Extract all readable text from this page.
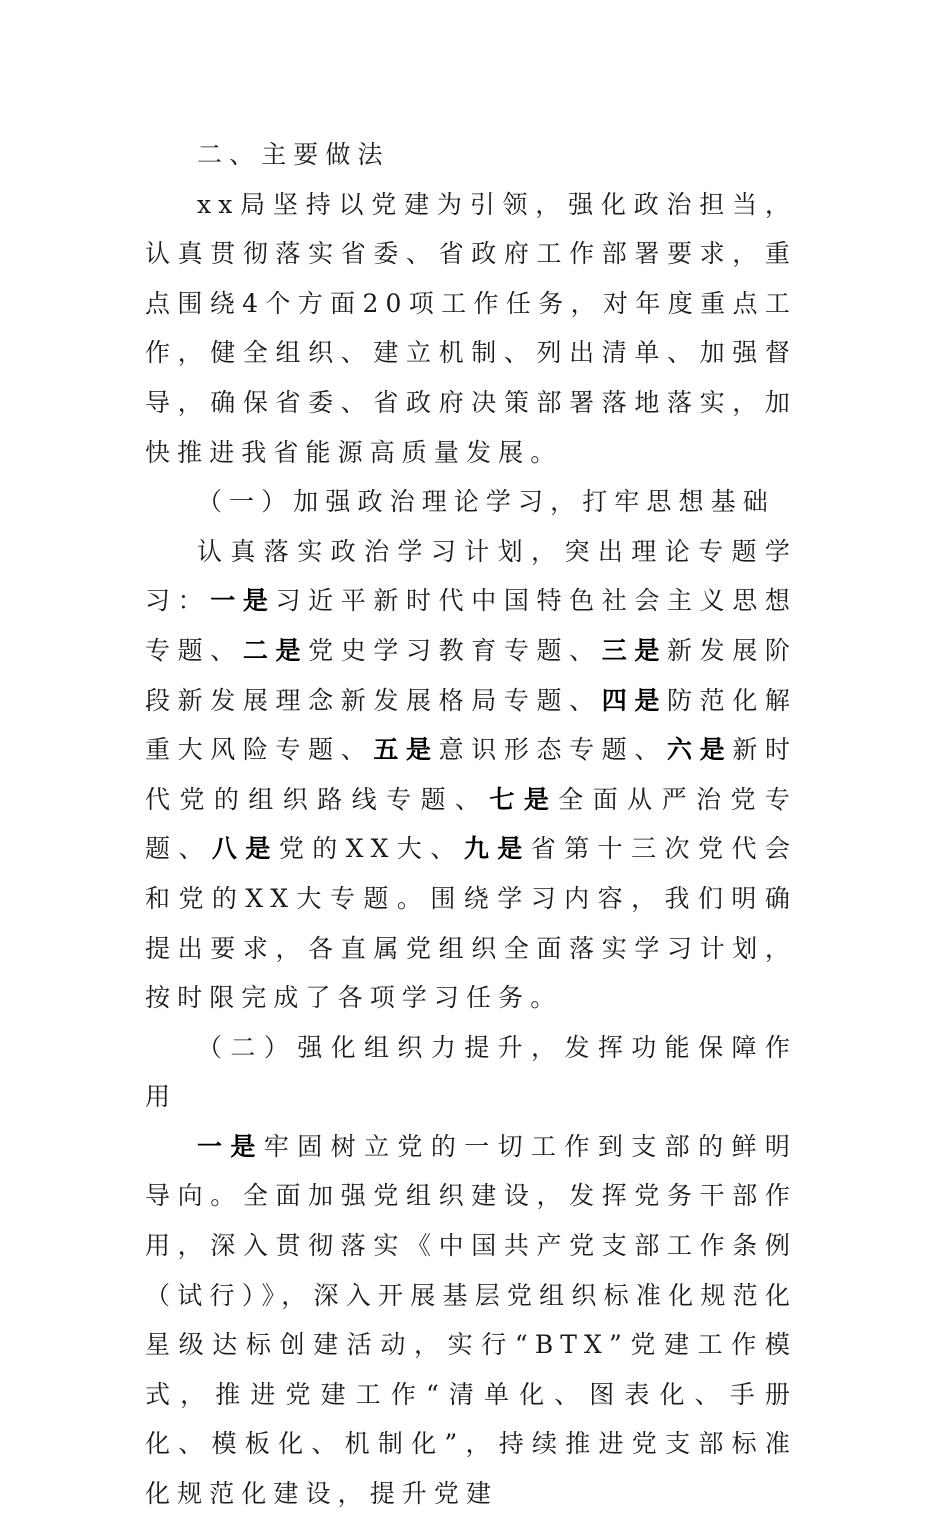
二、主要做法

xx局坚持以党建为引领，强化政治担当，认真贯彻落实省委、省政府工作部署要求，重点围绕4个方面20项工作任务，对年度重点工作，健全组织、建立机制、列出清单、加强督导，确保省委、省政府决策部署落地落实，加快推进我省能源高质量发展。

（一）加强政治理论学习，打牢思想基础

认真落实政治学习计划，突出理论专题学习：一是习近平新时代中国特色社会主义思想专题、二是党史学习教育专题、三是新发展阶段新发展理念新发展格局专题、四是防范化解重大风险专题、五是意识形态专题、六是新时代党的组织路线专题、七是全面从严治党专题、八是党的XX大、九是省第十三次党代会和党的XX大专题。围绕学习内容，我们明确提出要求，各直属党组织全面落实学习计划，按时限完成了各项学习任务。

（二）强化组织力提升，发挥功能保障作用

一是牢固树立党的一切工作到支部的鲜明导向。全面加强党组织建设，发挥党务干部作用，深入贯彻落实《中国共产党支部工作条例（试行）》，深入开展基层党组织标准化规范化星级达标创建活动，实行“BTX”党建工作模式，推进党建工作“清单化、图表化、手册化、模板化、机制化”，持续推进党支部标准化规范化建设，提升党建
